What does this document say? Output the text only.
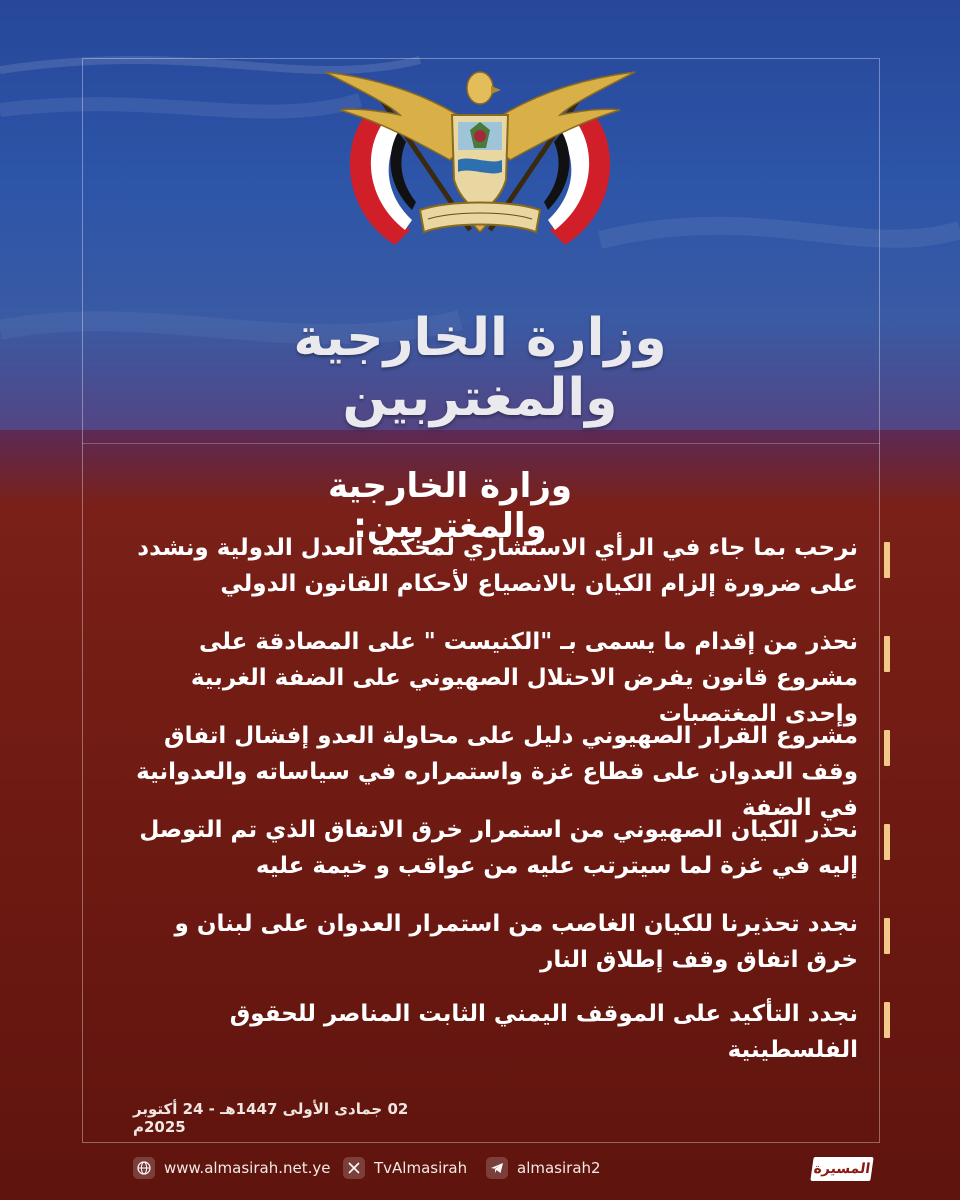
وزارة الخارجية والمغتربين
وزارة الخارجية والمغتربين:
نرحب بما جاء في الرأي الاستشاري لمحكمة العدل الدولية ونشدد على ضرورة إلزام الكيان بالانصياع لأحكام القانون الدولي
نحذر من إقدام ما يسمى بـ "الكنيست " على المصادقة على مشروع قانون يفرض الاحتلال الصهيوني على الضفة الغربية وإحدى المغتصبات
مشروع القرار الصهيوني دليل على محاولة العدو إفشال اتفاق وقف العدوان على قطاع غزة واستمراره في سياساته والعدوانية في الضفة
نحذر الكيان الصهيوني من استمرار خرق الاتفاق الذي تم التوصل إليه في غزة لما سيترتب عليه من عواقب و خيمة عليه
نجدد تحذيرنا للكيان الغاصب من استمرار العدوان على لبنان و خرق اتفاق وقف إطلاق النار
نجدد التأكيد على الموقف اليمني الثابت المناصر للحقوق الفلسطينية
02 جمادى الأولى 1447هـ - 24 أكتوبر 2025م
www.almasirah.net.ye	TvAlmasirah	almasirah2	المسيرة
